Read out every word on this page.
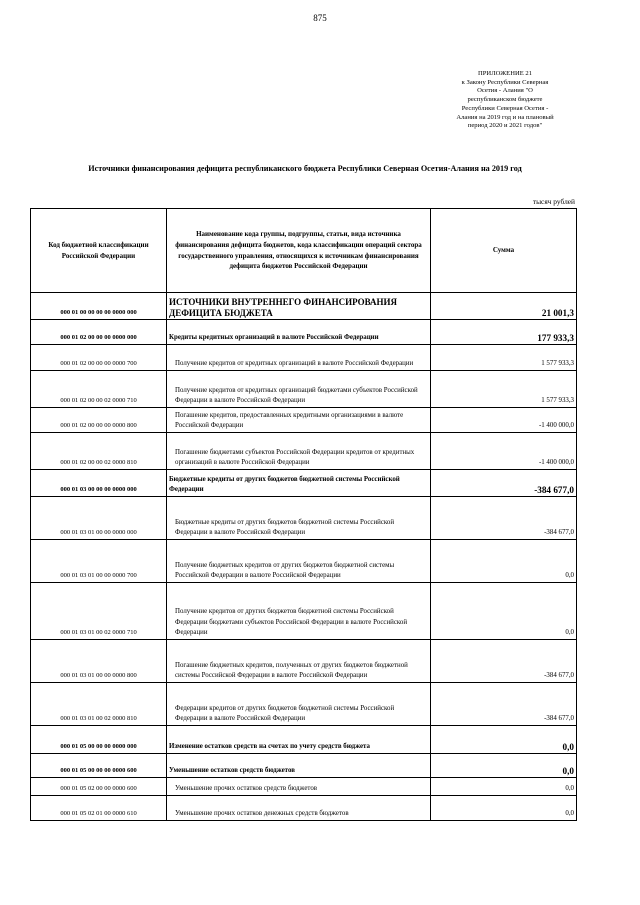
875
ПРИЛОЖЕНИЕ 21
к Закону Республики Северная
Осетия - Алания "О
республиканском бюджете
Республики Северная Осетия -
Алания на 2019 год и на плановый
период 2020 и 2021 годов"
Источники финансирования дефицита республиканского бюджета Республики Северная Осетия-Алания на 2019 год
тысяч рублей
Код бюджетной классификации Российской Федерации	Наименование кода группы, подгруппы, статьи, вида источника финансирования дефицита бюджетов, кода классификации операций сектора государственного управления, относящихся к источникам финансирования дефицита бюджетов Российской Федерации	Сумма
000 01 00 00 00 00 0000 000	ИСТОЧНИКИ ВНУТРЕННЕГО ФИНАНСИРОВАНИЯ ДЕФИЦИТА БЮДЖЕТА	21 001,3
000 01 02 00 00 00 0000 000	Кредиты кредитных организаций в валюте Российской Федерации	177 933,3
000 01 02 00 00 00 0000 700	Получение кредитов от кредитных организаций в валюте Российской Федерации	1 577 933,3
000 01 02 00 00 02 0000 710	Получение кредитов от кредитных организаций бюджетами субъектов Российской Федерации в валюте Российской Федерации	1 577 933,3
000 01 02 00 00 00 0000 800	Погашение кредитов, предоставленных кредитными организациями в валюте Российской Федерации	-1 400 000,0
000 01 02 00 00 02 0000 810	Погашение бюджетами субъектов Российской Федерации кредитов от кредитных организаций в валюте Российской Федерации	-1 400 000,0
000 01 03 00 00 00 0000 000	Бюджетные кредиты от других бюджетов бюджетной системы Российской Федерации	-384 677,0
000 01 03 01 00 00 0000 000	Бюджетные кредиты от других бюджетов бюджетной системы Российской Федерации в валюте Российской Федерации	-384 677,0
000 01 03 01 00 00 0000 700	Получение бюджетных кредитов от других бюджетов бюджетной системы Российской Федерации в валюте Российской Федерации	0,0
000 01 03 01 00 02 0000 710	Получение кредитов от других бюджетов бюджетной системы Российской Федерации бюджетами субъектов Российской Федерации в валюте Российской Федерации	0,0
000 01 03 01 00 00 0000 800	Погашение бюджетных кредитов, полученных от других бюджетов бюджетной системы Российской Федерации в валюте Российской Федерации	-384 677,0
000 01 03 01 00 02 0000 810	Федерации кредитов от других бюджетов бюджетной системы Российской Федерации в валюте Российской Федерации	-384 677,0
000 01 05 00 00 00 0000 000	Изменение остатков средств на счетах по учету средств бюджета	0,0
000 01 05 00 00 00 0000 600	Уменьшение остатков средств бюджетов	0,0
000 01 05 02 00 00 0000 600	Уменьшение прочих остатков средств бюджетов	0,0
000 01 05 02 01 00 0000 610	Уменьшение прочих остатков денежных средств бюджетов	0,0
